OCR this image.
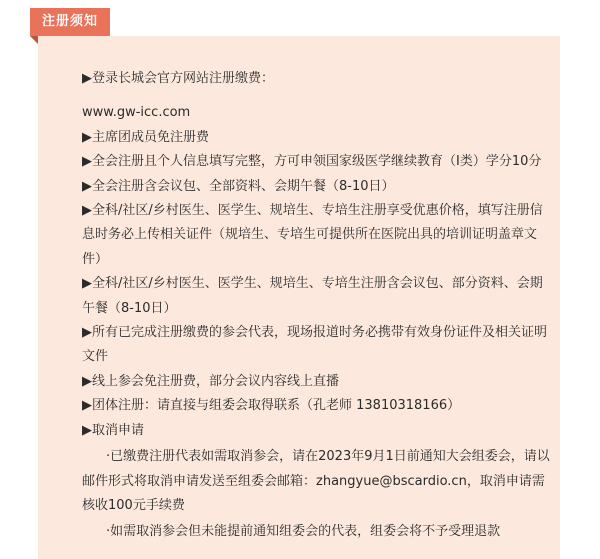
注册须知

▶登录长城会官方网站注册缴费：

www.gw-icc.com

▶主席团成员免注册费

▶全会注册且个人信息填写完整，方可申领国家级医学继续教育（I类）学分10分

▶全会注册含会议包、全部资料、会期午餐（8-10日）

▶全科/社区/乡村医生、医学生、规培生、专培生注册享受优惠价格，填写注册信息时务必上传相关证件（规培生、专培生可提供所在医院出具的培训证明盖章文件）

▶全科/社区/乡村医生、医学生、规培生、专培生注册含会议包、部分资料、会期午餐（8-10日）

▶所有已完成注册缴费的参会代表，现场报道时务必携带有效身份证件及相关证明文件

▶线上参会免注册费，部分会议内容线上直播

▶团体注册：请直接与组委会取得联系（孔老师 13810318166）

▶取消申请

·已缴费注册代表如需取消参会，请在2023年9月1日前通知大会组委会，请以邮件形式将取消申请发送至组委会邮箱：zhangyue@bscardio.cn，取消申请需核收100元手续费

·如需取消参会但未能提前通知组委会的代表，组委会将不予受理退款
